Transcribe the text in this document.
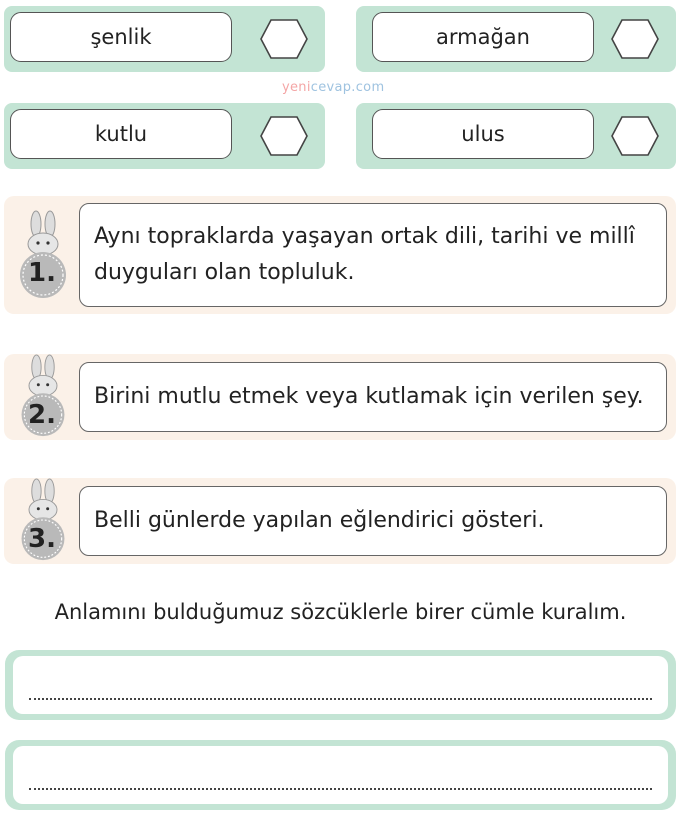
şenlik	armağan
yenicevap.com
kutlu	ulus
1.
Aynı topraklarda yaşayan ortak dili, tarihi ve millî duyguları olan topluluk.
2.
Birini mutlu etmek veya kutlamak için verilen şey.
3.
Belli günlerde yapılan eğlendirici gösteri.
Anlamını bulduğumuz sözcüklerle birer cümle kuralım.
